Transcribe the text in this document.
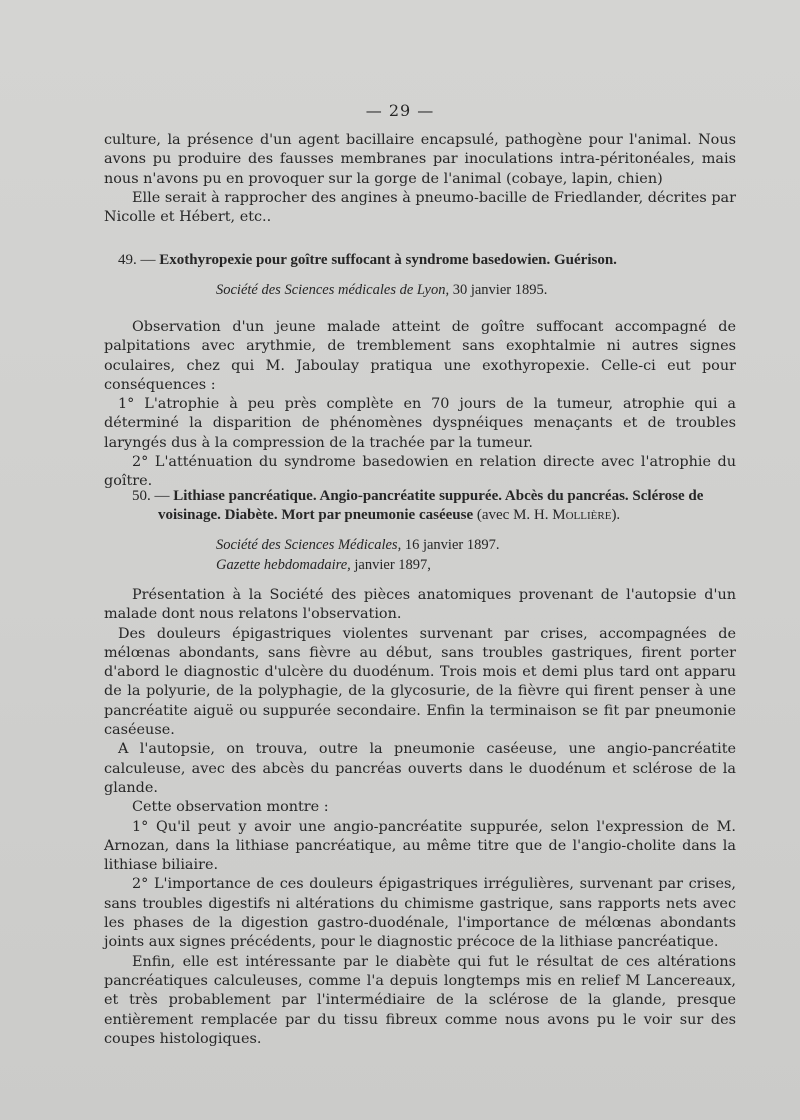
— 29 —

culture, la présence d'un agent bacillaire encapsulé, pathogène pour l'animal. Nous avons pu produire des fausses membranes par inoculations intra-péritonéales, mais nous n'avons pu en provoquer sur la gorge de l'animal (cobaye, lapin, chien)

Elle serait à rapprocher des angines à pneumo-bacille de Friedlander, décrites par Nicolle et Hébert, etc..

49. — Exothyropexie pour goître suffocant à syndrome basedowien. Guérison.
Société des Sciences médicales de Lyon, 30 janvier 1895.

Observation d'un jeune malade atteint de goître suffocant accompagné de palpitations avec arythmie, de tremblement sans exophtalmie ni autres signes oculaires, chez qui M. Jaboulay pratiqua une exothyropexie. Celle-ci eut pour conséquences :

1° L'atrophie à peu près complète en 70 jours de la tumeur, atrophie qui a déterminé la disparition de phénomènes dyspnéiques menaçants et de troubles laryngés dus à la compression de la trachée par la tumeur.

2° L'atténuation du syndrome basedowien en relation directe avec l'atrophie du goître.

50. — Lithiase pancréatique. Angio-pancréatite suppurée. Abcès du pancréas. Sclérose de
voisinage. Diabète. Mort par pneumonie caséeuse (avec M. H. Mollière).
Société des Sciences Médicales, 16 janvier 1897.
Gazette hebdomadaire, janvier 1897,

Présentation à la Société des pièces anatomiques provenant de l'autopsie d'un malade dont nous relatons l'observation.

Des douleurs épigastriques violentes survenant par crises, accompagnées de mélœnas abondants, sans fièvre au début, sans troubles gastriques, firent porter d'abord le diagnostic d'ulcère du duodénum. Trois mois et demi plus tard ont apparu de la polyurie, de la polyphagie, de la glycosurie, de la fièvre qui firent penser à une pancréatite aiguë ou suppurée secondaire. Enfin la terminaison se fit par pneumonie caséeuse.

A l'autopsie, on trouva, outre la pneumonie caséeuse, une angio-pancréatite calculeuse, avec des abcès du pancréas ouverts dans le duodénum et sclérose de la glande.

Cette observation montre :

1° Qu'il peut y avoir une angio-pancréatite suppurée, selon l'expression de M. Arnozan, dans la lithiase pancréatique, au même titre que de l'angio-cholite dans la lithiase biliaire.

2° L'importance de ces douleurs épigastriques irrégulières, survenant par crises, sans troubles digestifs ni altérations du chimisme gastrique, sans rapports nets avec les phases de la digestion gastro-duodénale, l'importance de mélœnas abondants joints aux signes précédents, pour le diagnostic précoce de la lithiase pancréatique.

Enfin, elle est intéressante par le diabète qui fut le résultat de ces altérations pancréatiques calculeuses, comme l'a depuis longtemps mis en relief M Lancereaux, et très probablement par l'intermédiaire de la sclérose de la glande, presque entièrement remplacée par du tissu fibreux comme nous avons pu le voir sur des coupes histologiques.
